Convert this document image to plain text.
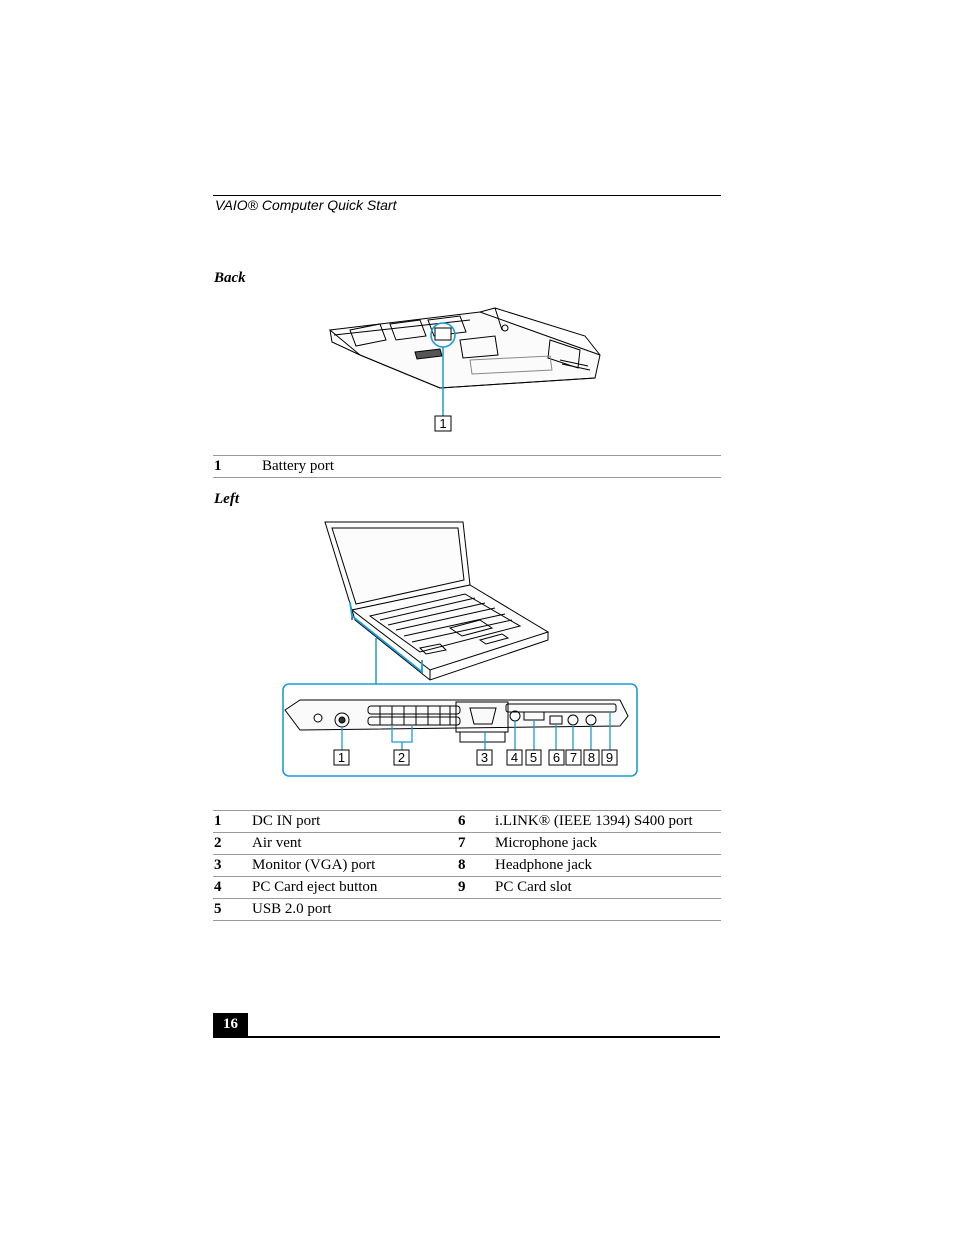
VAIO® Computer Quick Start
Back
1
1	Battery port
Left
1	2	3 4 5 6 7 8 9
1	DC IN port	6	i.LINK® (IEEE 1394) S400 port
2	Air vent	7	Microphone jack
3	Monitor (VGA) port	8	Headphone jack
4	PC Card eject button	9	PC Card slot
5	USB 2.0 port		
16
